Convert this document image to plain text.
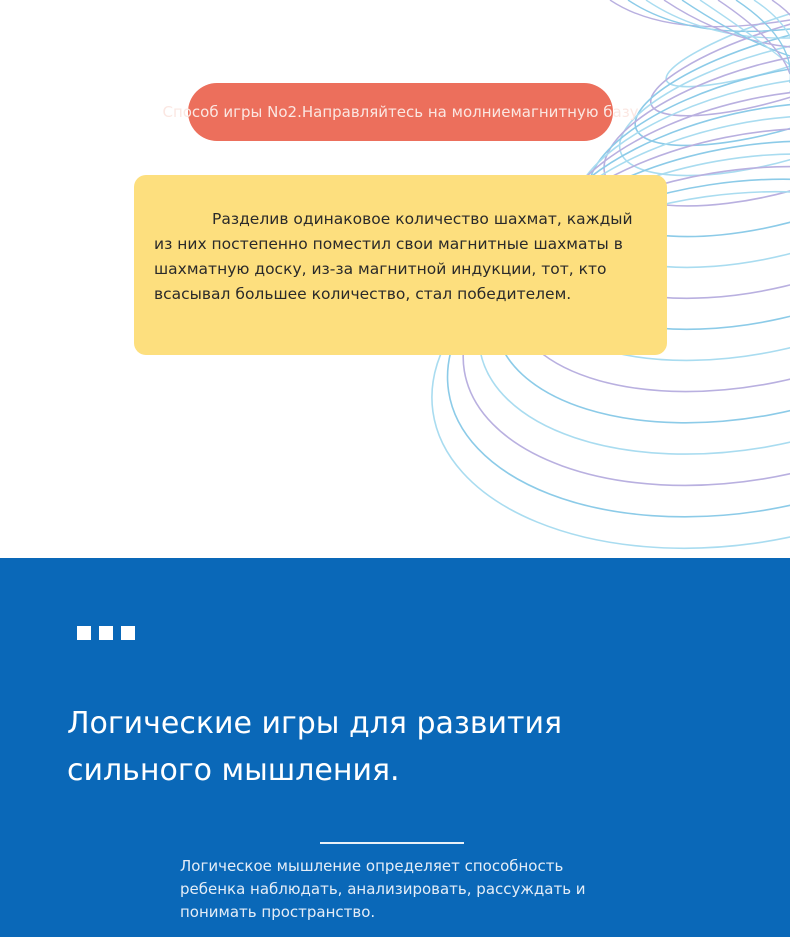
Способ игры No2.Направляйтесь на молниемагнитную базу

Разделив одинаковое количество шахмат, каждый из них постепенно поместил свои магнитные шахматы в шахматную доску, из-за магнитной индукции, тот, кто всасывал большее количество, стал победителем.

Логические игры для развития
сильного мышления.

Логическое мышление определяет способность ребенка наблюдать, анализировать, рассуждать и понимать пространство.
